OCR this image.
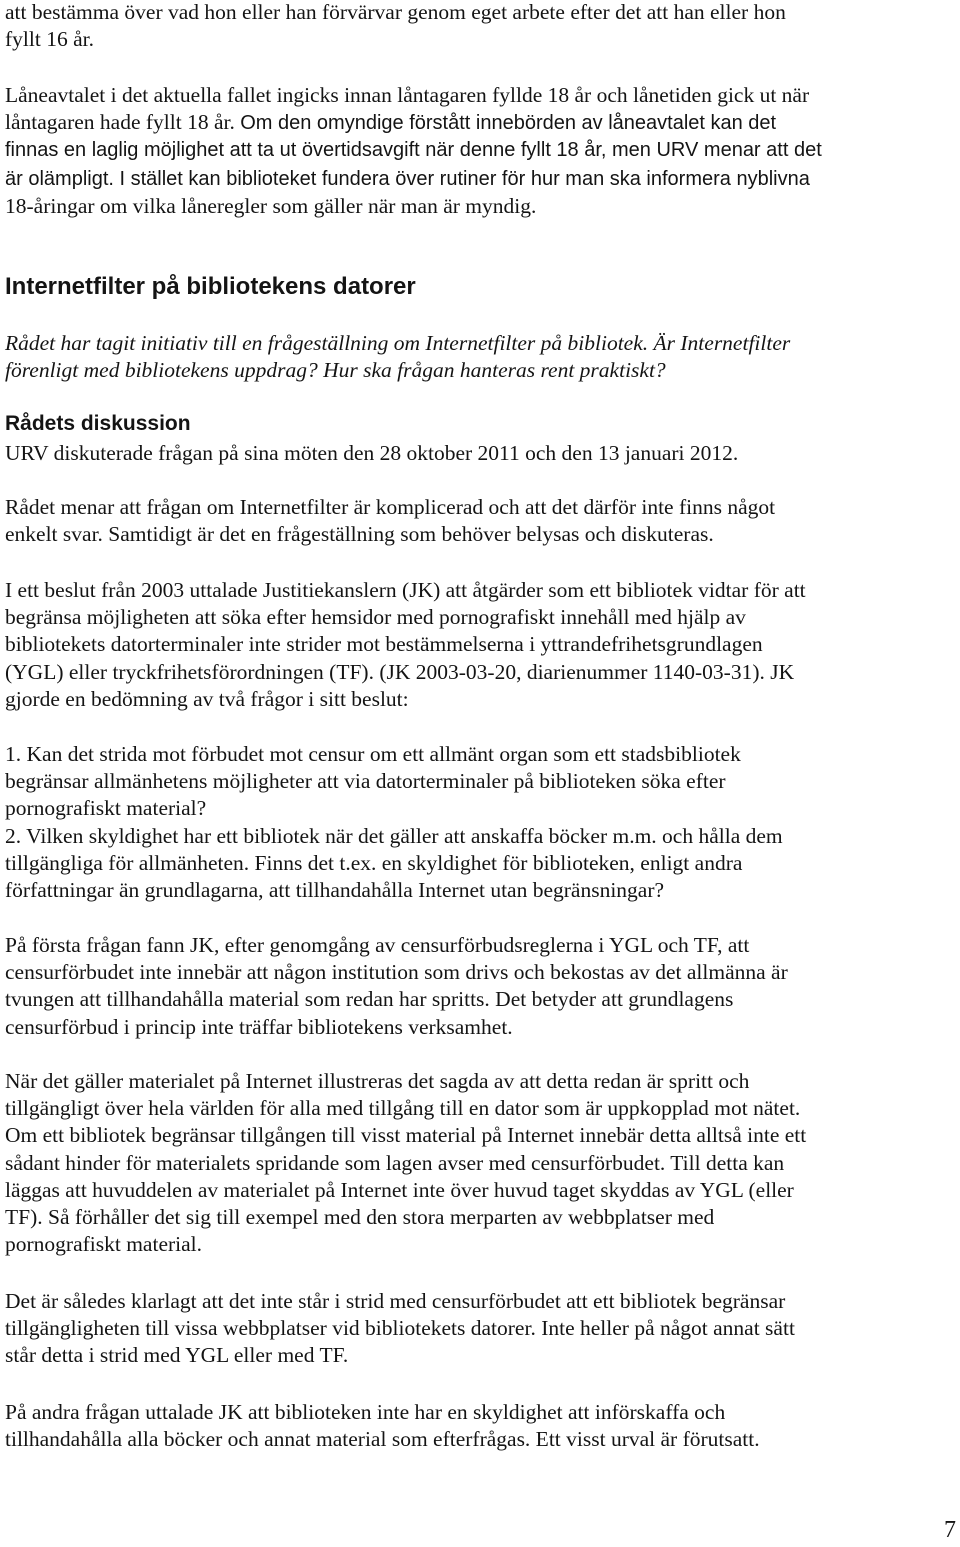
att bestämma över vad hon eller han förvärvar genom eget arbete efter det att han eller hon
fyllt 16 år.

Låneavtalet i det aktuella fallet ingicks innan låntagaren fyllde 18 år och lånetiden gick ut när
låntagaren hade fyllt 18 år. Om den omyndige förstått innebörden av låneavtalet kan det
finnas en laglig möjlighet att ta ut övertidsavgift när denne fyllt 18 år, men URV menar att det
är olämpligt. I stället kan biblioteket fundera över rutiner för hur man ska informera nyblivna
18-åringar om vilka låneregler som gäller när man är myndig.

Internetfilter på bibliotekens datorer

Rådet har tagit initiativ till en frågeställning om Internetfilter på bibliotek. Är Internetfilter
förenligt med bibliotekens uppdrag? Hur ska frågan hanteras rent praktiskt?

Rådets diskussion

URV diskuterade frågan på sina möten den 28 oktober 2011 och den 13 januari 2012.

Rådet menar att frågan om Internetfilter är komplicerad och att det därför inte finns något
enkelt svar. Samtidigt är det en frågeställning som behöver belysas och diskuteras.

I ett beslut från 2003 uttalade Justitiekanslern (JK) att åtgärder som ett bibliotek vidtar för att
begränsa möjligheten att söka efter hemsidor med pornografiskt innehåll med hjälp av
bibliotekets datorterminaler inte strider mot bestämmelserna i yttrandefrihetsgrundlagen
(YGL) eller tryckfrihetsförordningen (TF). (JK 2003-03-20, diarienummer 1140-03-31). JK
gjorde en bedömning av två frågor i sitt beslut:

1. Kan det strida mot förbudet mot censur om ett allmänt organ som ett stadsbibliotek
begränsar allmänhetens möjligheter att via datorterminaler på biblioteken söka efter
pornografiskt material?
2. Vilken skyldighet har ett bibliotek när det gäller att anskaffa böcker m.m. och hålla dem
tillgängliga för allmänheten. Finns det t.ex. en skyldighet för biblioteken, enligt andra
författningar än grundlagarna, att tillhandahålla Internet utan begränsningar?

På första frågan fann JK, efter genomgång av censurförbudsreglerna i YGL och TF, att
censurförbudet inte innebär att någon institution som drivs och bekostas av det allmänna är
tvungen att tillhandahålla material som redan har spritts. Det betyder att grundlagens
censurförbud i princip inte träffar bibliotekens verksamhet.

När det gäller materialet på Internet illustreras det sagda av att detta redan är spritt och
tillgängligt över hela världen för alla med tillgång till en dator som är uppkopplad mot nätet.
Om ett bibliotek begränsar tillgången till visst material på Internet innebär detta alltså inte ett
sådant hinder för materialets spridande som lagen avser med censurförbudet. Till detta kan
läggas att huvuddelen av materialet på Internet inte över huvud taget skyddas av YGL (eller
TF). Så förhåller det sig till exempel med den stora merparten av webbplatser med
pornografiskt material.

Det är således klarlagt att det inte står i strid med censurförbudet att ett bibliotek begränsar
tillgängligheten till vissa webbplatser vid bibliotekets datorer. Inte heller på något annat sätt
står detta i strid med YGL eller med TF.

På andra frågan uttalade JK att biblioteken inte har en skyldighet att införskaffa och
tillhandahålla alla böcker och annat material som efterfrågas. Ett visst urval är förutsatt.

7
